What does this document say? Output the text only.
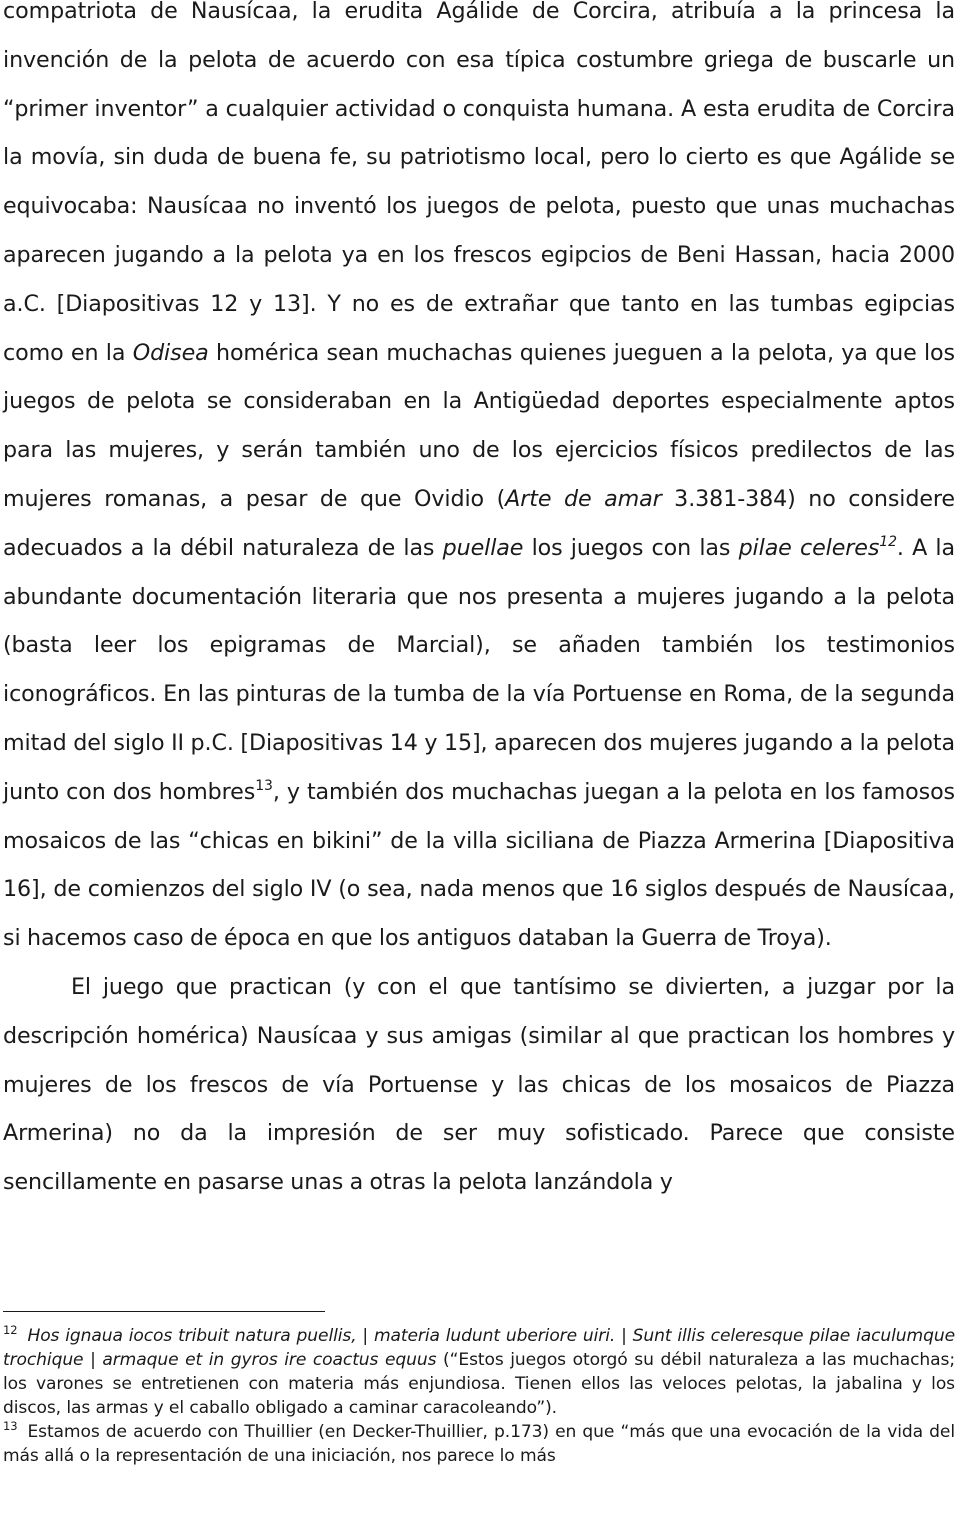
compatriota de Nausícaa, la erudita Agálide de Corcira, atribuía a la princesa la invención de la pelota de acuerdo con esa típica costumbre griega de buscarle un “primer inventor” a cualquier actividad o conquista humana. A esta erudita de Corcira la movía, sin duda de buena fe, su patriotismo local, pero lo cierto es que Agálide se equivocaba: Nausícaa no inventó los juegos de pelota, puesto que unas muchachas aparecen jugando a la pelota ya en los frescos egipcios de Beni Hassan, hacia 2000 a.C. [Diapositivas 12 y 13]. Y no es de extrañar que tanto en las tumbas egipcias como en la Odisea homérica sean muchachas quienes jueguen a la pelota, ya que los juegos de pelota se consideraban en la Antigüedad deportes especialmente aptos para las mujeres, y serán también uno de los ejercicios físicos predilectos de las mujeres romanas, a pesar de que Ovidio (Arte de amar 3.381-384) no considere adecuados a la débil naturaleza de las puellae los juegos con las pilae celeres$^{12}$. A la abundante documentación literaria que nos presenta a mujeres jugando a la pelota (basta leer los epigramas de Marcial), se añaden también los testimonios iconográficos. En las pinturas de la tumba de la vía Portuense en Roma, de la segunda mitad del siglo II p.C. [Diapositivas 14 y 15], aparecen dos mujeres jugando a la pelota junto con dos hombres$^{13}$, y también dos muchachas juegan a la pelota en los famosos mosaicos de las “chicas en bikini” de la villa siciliana de Piazza Armerina [Diapositiva 16], de comienzos del siglo IV (o sea, nada menos que 16 siglos después de Nausícaa, si hacemos caso de época en que los antiguos databan la Guerra de Troya).

El juego que practican (y con el que tantísimo se divierten, a juzgar por la descripción homérica) Nausícaa y sus amigas (similar al que practican los hombres y mujeres de los frescos de vía Portuense y las chicas de los mosaicos de Piazza Armerina) no da la impresión de ser muy sofisticado. Parece que consiste sencillamente en pasarse unas a otras la pelota lanzándola y

$^{12}$ Hos ignaua iocos tribuit natura puellis, | materia ludunt uberiore uiri. | Sunt illis celeresque pilae iaculumque trochique | armaque et in gyros ire coactus equus (“Estos juegos otorgó su débil naturaleza a las muchachas; los varones se entretienen con materia más enjundiosa. Tienen ellos las veloces pelotas, la jabalina y los discos, las armas y el caballo obligado a caminar caracoleando”).

$^{13}$ Estamos de acuerdo con Thuillier (en Decker-Thuillier, p.173) en que “más que una evocación de la vida del más allá o la representación de una iniciación, nos parece lo más
